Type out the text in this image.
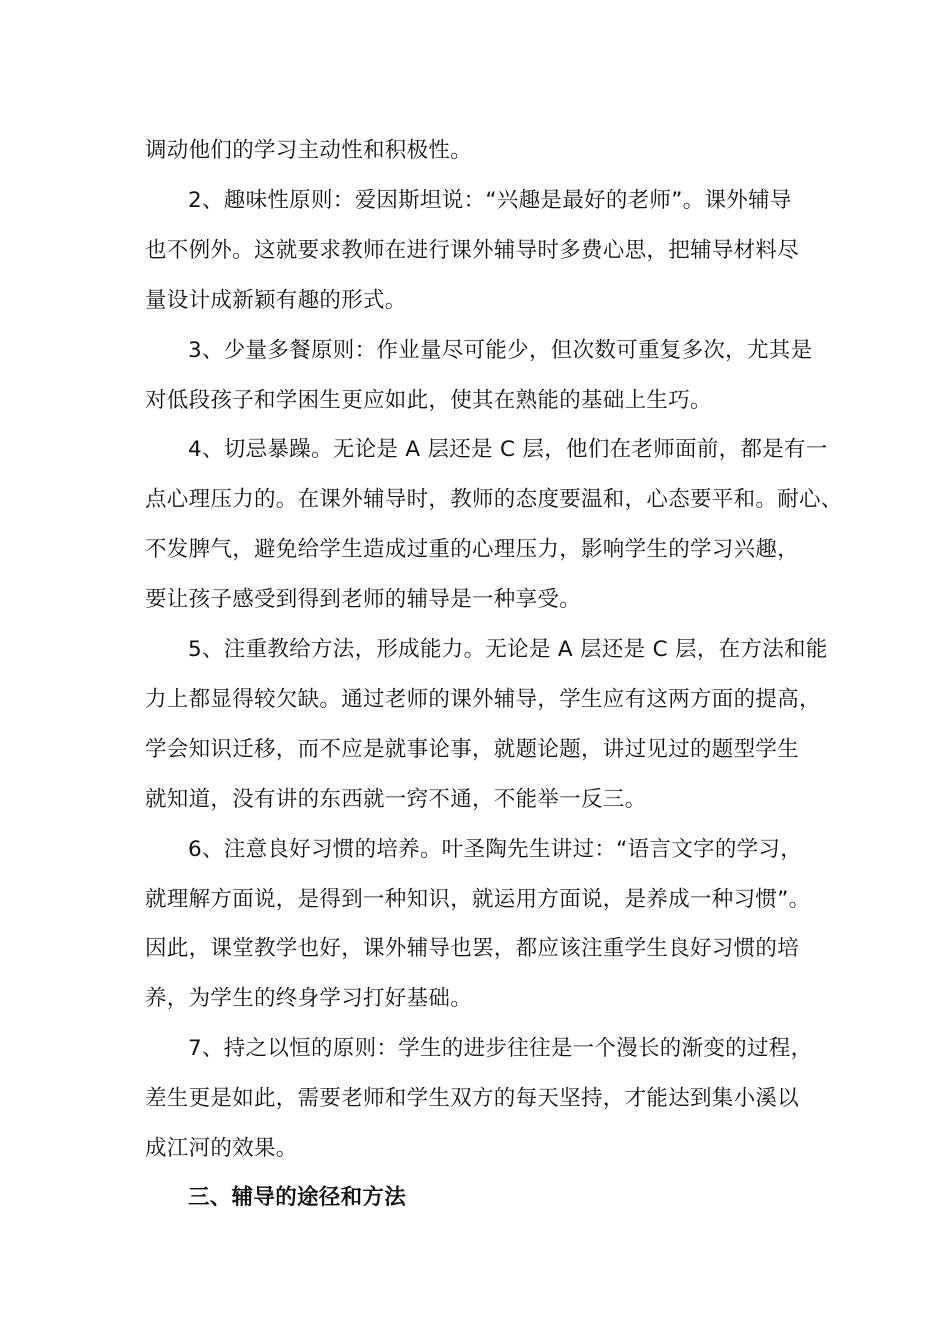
调动他们的学习主动性和积极性。
2、趣味性原则：爱因斯坦说：“兴趣是最好的老师”。课外辅导
也不例外。这就要求教师在进行课外辅导时多费心思，把辅导材料尽
量设计成新颖有趣的形式。
3、少量多餐原则：作业量尽可能少，但次数可重复多次，尤其是
对低段孩子和学困生更应如此，使其在熟能的基础上生巧。
4、切忌暴躁。无论是 A 层还是 C 层，他们在老师面前，都是有一
点心理压力的。在课外辅导时，教师的态度要温和，心态要平和。耐心、
不发脾气，避免给学生造成过重的心理压力，影响学生的学习兴趣，
要让孩子感受到得到老师的辅导是一种享受。
5、注重教给方法，形成能力。无论是 A 层还是 C 层，在方法和能
力上都显得较欠缺。通过老师的课外辅导，学生应有这两方面的提高，
学会知识迁移，而不应是就事论事，就题论题，讲过见过的题型学生
就知道，没有讲的东西就一窍不通，不能举一反三。
6、注意良好习惯的培养。叶圣陶先生讲过：“语言文字的学习，
就理解方面说，是得到一种知识，就运用方面说，是养成一种习惯”。
因此，课堂教学也好，课外辅导也罢，都应该注重学生良好习惯的培
养，为学生的终身学习打好基础。
7、持之以恒的原则：学生的进步往往是一个漫长的渐变的过程，
差生更是如此，需要老师和学生双方的每天坚持，才能达到集小溪以
成江河的效果。
三、辅导的途径和方法
